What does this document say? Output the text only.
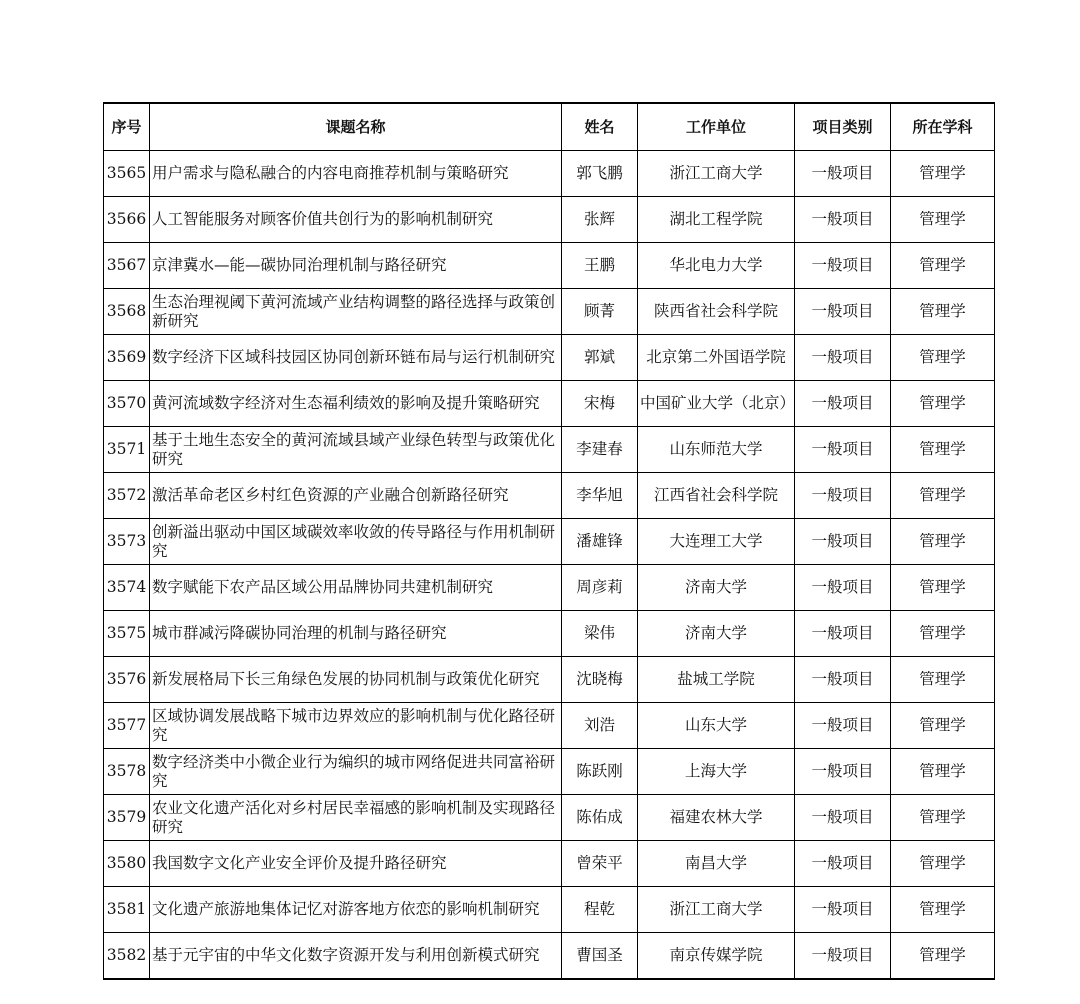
序号	课题名称	姓名	工作单位	项目类别	所在学科
3565	用户需求与隐私融合的内容电商推荐机制与策略研究	郭飞鹏	浙江工商大学	一般项目	管理学
3566	人工智能服务对顾客价值共创行为的影响机制研究	张辉	湖北工程学院	一般项目	管理学
3567	京津冀水—能—碳协同治理机制与路径研究	王鹏	华北电力大学	一般项目	管理学
3568	生态治理视阈下黄河流域产业结构调整的路径选择与政策创新研究	顾菁	陕西省社会科学院	一般项目	管理学
3569	数字经济下区域科技园区协同创新环链布局与运行机制研究	郭斌	北京第二外国语学院	一般项目	管理学
3570	黄河流域数字经济对生态福利绩效的影响及提升策略研究	宋梅	中国矿业大学（北京）	一般项目	管理学
3571	基于土地生态安全的黄河流域县域产业绿色转型与政策优化研究	李建春	山东师范大学	一般项目	管理学
3572	激活革命老区乡村红色资源的产业融合创新路径研究	李华旭	江西省社会科学院	一般项目	管理学
3573	创新溢出驱动中国区域碳效率收敛的传导路径与作用机制研究	潘雄锋	大连理工大学	一般项目	管理学
3574	数字赋能下农产品区域公用品牌协同共建机制研究	周彦莉	济南大学	一般项目	管理学
3575	城市群减污降碳协同治理的机制与路径研究	梁伟	济南大学	一般项目	管理学
3576	新发展格局下长三角绿色发展的协同机制与政策优化研究	沈晓梅	盐城工学院	一般项目	管理学
3577	区域协调发展战略下城市边界效应的影响机制与优化路径研究	刘浩	山东大学	一般项目	管理学
3578	数字经济类中小微企业行为编织的城市网络促进共同富裕研究	陈跃刚	上海大学	一般项目	管理学
3579	农业文化遗产活化对乡村居民幸福感的影响机制及实现路径研究	陈佑成	福建农林大学	一般项目	管理学
3580	我国数字文化产业安全评价及提升路径研究	曾荣平	南昌大学	一般项目	管理学
3581	文化遗产旅游地集体记忆对游客地方依恋的影响机制研究	程乾	浙江工商大学	一般项目	管理学
3582	基于元宇宙的中华文化数字资源开发与利用创新模式研究	曹国圣	南京传媒学院	一般项目	管理学
